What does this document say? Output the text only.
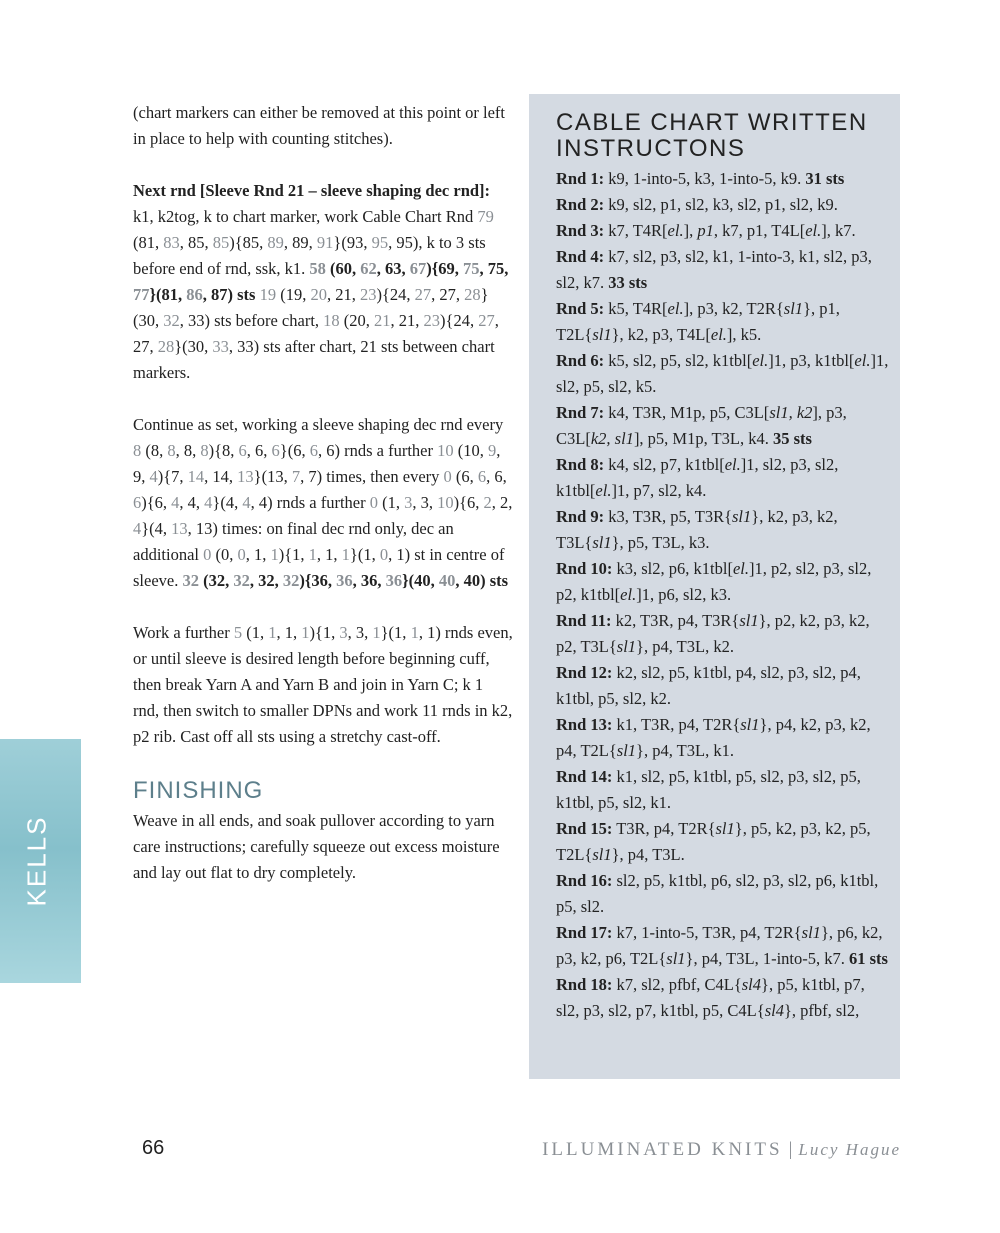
(chart markers can either be removed at this point or left in place to help with counting stitches).

Next rnd [Sleeve Rnd 21 – sleeve shaping dec rnd]: k1, k2tog, k to chart marker, work Cable Chart Rnd 79 (81, 83, 85, 85){85, 89, 89, 91}(93, 95, 95), k to 3 sts before end of rnd, ssk, k1. 58 (60, 62, 63, 67){69, 75, 75, 77}(81, 86, 87) sts 19 (19, 20, 21, 23){24, 27, 27, 28}(30, 32, 33) sts before chart, 18 (20, 21, 21, 23){24, 27, 27, 28}(30, 33, 33) sts after chart, 21 sts between chart markers.

Continue as set, working a sleeve shaping dec rnd every 8 (8, 8, 8, 8){8, 6, 6, 6}(6, 6, 6) rnds a further 10 (10, 9, 9, 4){7, 14, 14, 13}(13, 7, 7) times, then every 0 (6, 6, 6, 6){6, 4, 4, 4}(4, 4, 4) rnds a further 0 (1, 3, 3, 10){6, 2, 2, 4}(4, 13, 13) times: on final dec rnd only, dec an additional 0 (0, 0, 1, 1){1, 1, 1, 1}(1, 0, 1) st in centre of sleeve. 32 (32, 32, 32, 32){36, 36, 36, 36}(40, 40, 40) sts

Work a further 5 (1, 1, 1, 1){1, 3, 3, 1}(1, 1, 1) rnds even, or until sleeve is desired length before beginning cuff, then break Yarn A and Yarn B and join in Yarn C; k 1 rnd, then switch to smaller DPNs and work 11 rnds in k2, p2 rib. Cast off all sts using a stretchy cast-off.

FINISHING

Weave in all ends, and soak pullover according to yarn care instructions; carefully squeeze out excess moisture and lay out flat to dry completely.

CABLE CHART WRITTEN INSTRUCTONS
Rnd 1: k9, 1-into-5, k3, 1-into-5, k9. 31 sts
Rnd 2: k9, sl2, p1, sl2, k3, sl2, p1, sl2, k9.
Rnd 3: k7, T4R[el.], p1, k7, p1, T4L[el.], k7.
Rnd 4: k7, sl2, p3, sl2, k1, 1-into-3, k1, sl2, p3, sl2, k7. 33 sts
Rnd 5: k5, T4R[el.], p3, k2, T2R{sl1}, p1, T2L{sl1}, k2, p3, T4L[el.], k5.
Rnd 6: k5, sl2, p5, sl2, k1tbl[el.]1, p3, k1tbl[el.]1, sl2, p5, sl2, k5.
Rnd 7: k4, T3R, M1p, p5, C3L[sl1, k2], p3, C3L[k2, sl1], p5, M1p, T3L, k4. 35 sts
Rnd 8: k4, sl2, p7, k1tbl[el.]1, sl2, p3, sl2, k1tbl[el.]1, p7, sl2, k4.
Rnd 9: k3, T3R, p5, T3R{sl1}, k2, p3, k2, T3L{sl1}, p5, T3L, k3.
Rnd 10: k3, sl2, p6, k1tbl[el.]1, p2, sl2, p3, sl2, p2, k1tbl[el.]1, p6, sl2, k3.
Rnd 11: k2, T3R, p4, T3R{sl1}, p2, k2, p3, k2, p2, T3L{sl1}, p4, T3L, k2.
Rnd 12: k2, sl2, p5, k1tbl, p4, sl2, p3, sl2, p4, k1tbl, p5, sl2, k2.
Rnd 13: k1, T3R, p4, T2R{sl1}, p4, k2, p3, k2, p4, T2L{sl1}, p4, T3L, k1.
Rnd 14: k1, sl2, p5, k1tbl, p5, sl2, p3, sl2, p5, k1tbl, p5, sl2, k1.
Rnd 15: T3R, p4, T2R{sl1}, p5, k2, p3, k2, p5, T2L{sl1}, p4, T3L.
Rnd 16: sl2, p5, k1tbl, p6, sl2, p3, sl2, p6, k1tbl, p5, sl2.
Rnd 17: k7, 1-into-5, T3R, p4, T2R{sl1}, p6, k2, p3, k2, p6, T2L{sl1}, p4, T3L, 1-into-5, k7. 61 sts
Rnd 18: k7, sl2, pfbf, C4L{sl4}, p5, k1tbl, p7, sl2, p3, sl2, p7, k1tbl, p5, C4L{sl4}, pfbf, sl2,
KELLS
66	ILLUMINATED KNITS | Lucy Hague
